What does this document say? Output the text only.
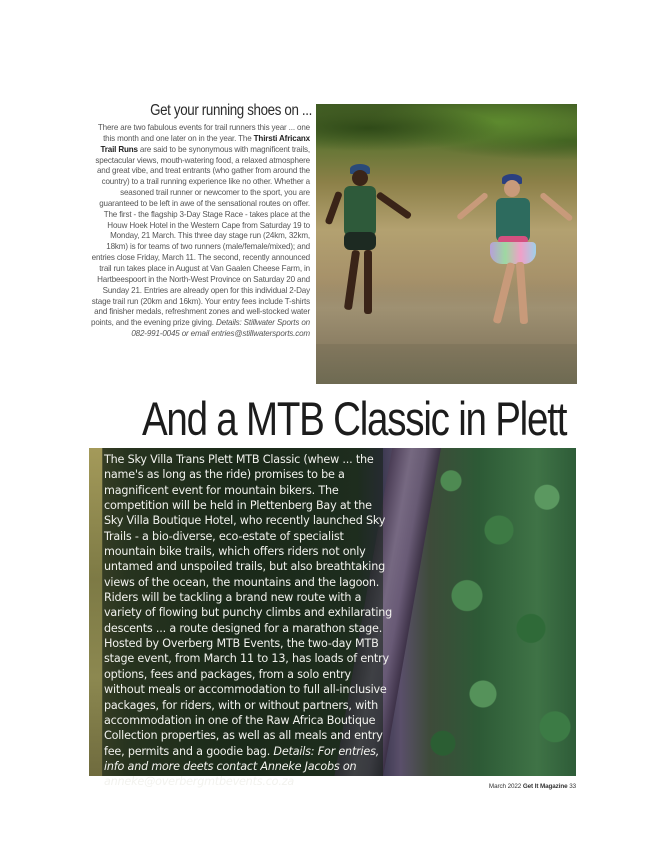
Get your running shoes on ...
There are two fabulous events for trail runners this year ... one this month and one later on in the year. The Thirsti Africanx Trail Runs are said to be synonymous with magnificent trails, spectacular views, mouth-watering food, a relaxed atmosphere and great vibe, and treat entrants (who gather from around the country) to a trail running experience like no other. Whether a seasoned trail runner or newcomer to the sport, you are guaranteed to be left in awe of the sensational routes on offer. The first - the flagship 3-Day Stage Race - takes place at the Houw Hoek Hotel in the Western Cape from Saturday 19 to Monday, 21 March. This three day stage run (24km, 32km, 18km) is for teams of two runners (male/female/mixed); and entries close Friday, March 11. The second, recently announced trail run takes place in August at Van Gaalen Cheese Farm, in Hartbeespoort in the North-West Province on Saturday 20 and Sunday 21. Entries are already open for this individual 2-Day stage trail run (20km and 16km). Your entry fees include T-shirts and finisher medals, refreshment zones and well-stocked water points, and the evening prize giving. Details: Stillwater Sports on 082-991-0045 or email entries@stillwatersports.com
And a MTB Classic in Plett
The Sky Villa Trans Plett MTB Classic (whew ... the name's as long as the ride) promises to be a magnificent event for mountain bikers. The competition will be held in Plettenberg Bay at the Sky Villa Boutique Hotel, who recently launched Sky Trails - a bio-diverse, eco-estate of specialist mountain bike trails, which offers riders not only untamed and unspoiled trails, but also breathtaking views of the ocean, the mountains and the lagoon. Riders will be tackling a brand new route with a variety of flowing but punchy climbs and exhilarating descents ... a route designed for a marathon stage. Hosted by Overberg MTB Events, the two-day MTB stage event, from March 11 to 13, has loads of entry options, fees and packages, from a solo entry without meals or accommodation to full all-inclusive packages, for riders, with or without partners, with accommodation in one of the Raw Africa Boutique Collection properties, as well as all meals and entry fee, permits and a goodie bag. Details: For entries, info and more deets contact Anneke Jacobs on anneke@overbergmtbevents.co.za	March 2022 Get It Magazine 33
